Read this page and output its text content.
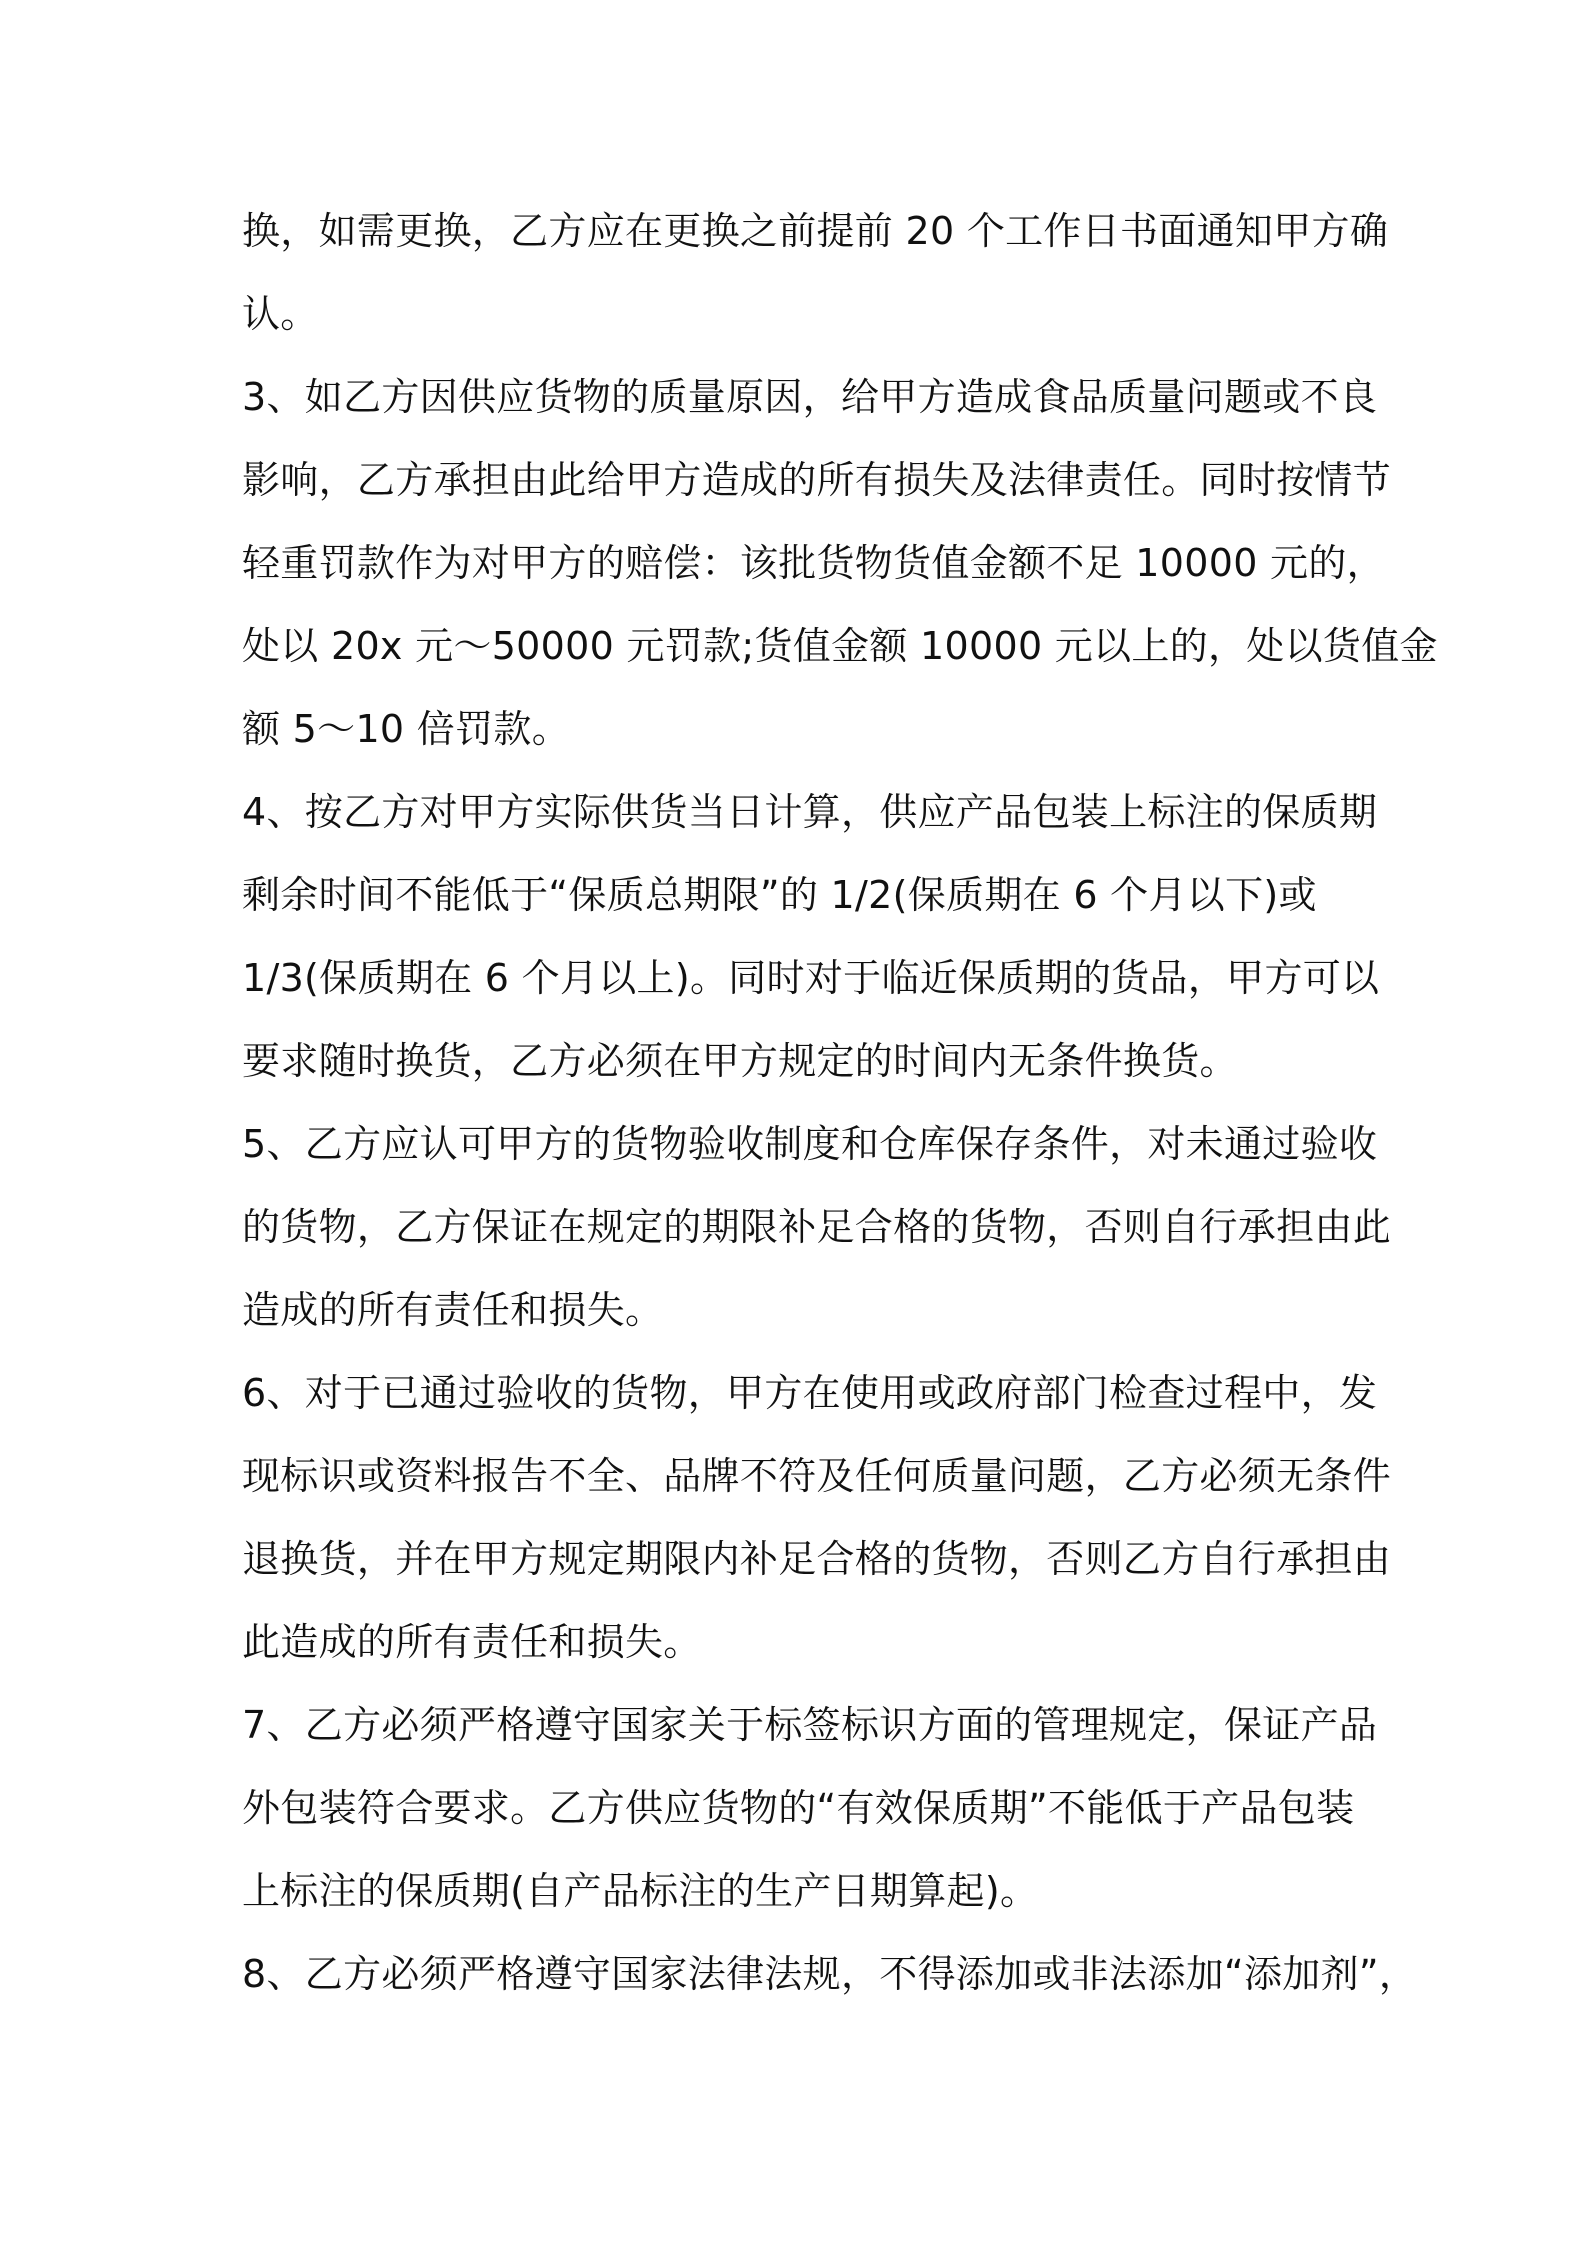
换，如需更换，乙方应在更换之前提前 20 个工作日书面通知甲方确
认。
3、如乙方因供应货物的质量原因，给甲方造成食品质量问题或不良
影响，乙方承担由此给甲方造成的所有损失及法律责任。同时按情节
轻重罚款作为对甲方的赔偿：该批货物货值金额不足 10000 元的，
处以 20x 元～50000 元罚款;货值金额 10000 元以上的，处以货值金
额 5～10 倍罚款。
4、按乙方对甲方实际供货当日计算，供应产品包装上标注的保质期
剩余时间不能低于“保质总期限”的 1/2(保质期在 6 个月以下)或
1/3(保质期在 6 个月以上)。同时对于临近保质期的货品，甲方可以
要求随时换货，乙方必须在甲方规定的时间内无条件换货。
5、乙方应认可甲方的货物验收制度和仓库保存条件，对未通过验收
的货物，乙方保证在规定的期限补足合格的货物，否则自行承担由此
造成的所有责任和损失。
6、对于已通过验收的货物，甲方在使用或政府部门检查过程中，发
现标识或资料报告不全、品牌不符及任何质量问题，乙方必须无条件
退换货，并在甲方规定期限内补足合格的货物，否则乙方自行承担由
此造成的所有责任和损失。
7、乙方必须严格遵守国家关于标签标识方面的管理规定，保证产品
外包装符合要求。乙方供应货物的“有效保质期”不能低于产品包装
上标注的保质期(自产品标注的生产日期算起)。
8、乙方必须严格遵守国家法律法规，不得添加或非法添加“添加剂”，
